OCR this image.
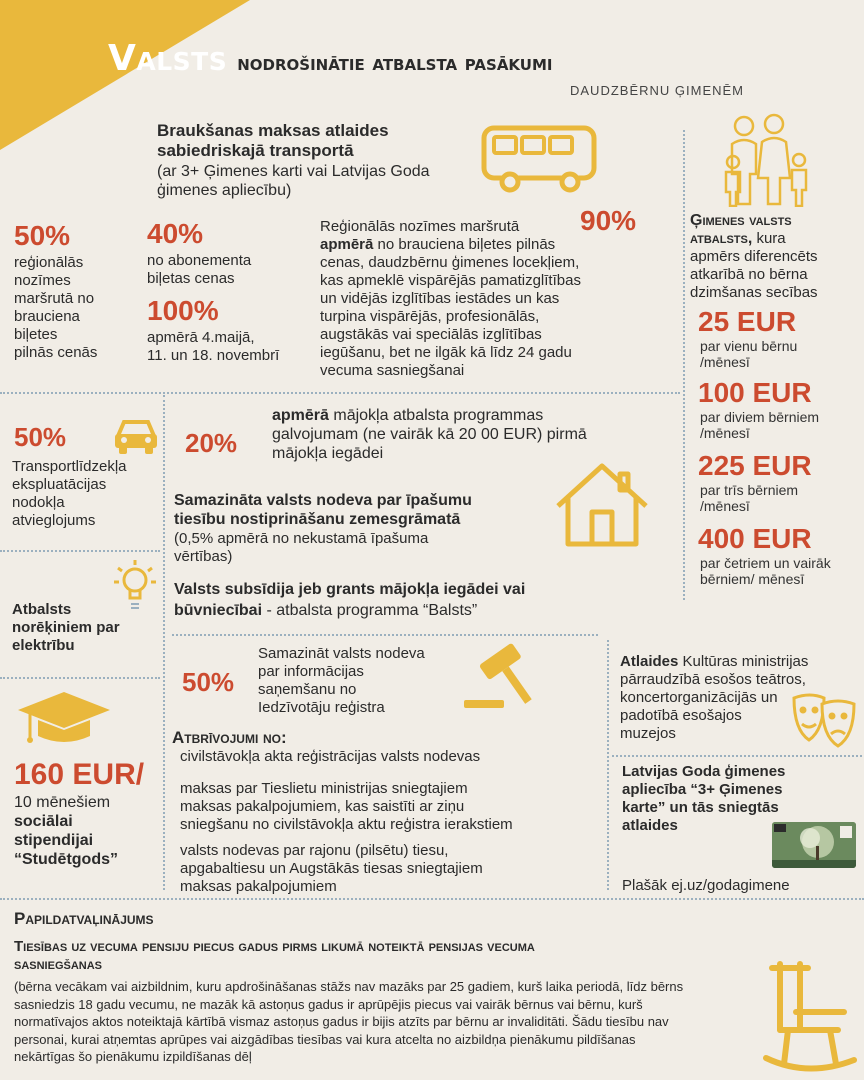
Valsts nodrošinātie atbalsta pasākumi
DAUDZBĒRNU ĢIMENĒM
Braukšanas maksas atlaides
sabiedriskajā transportā
(ar 3+ Ģimenes karti vai Latvijas Goda
ģimenes apliecību)
50%
reģionālās
nozīmes
maršrutā no
brauciena
biļetes
pilnās cenās
40%
no abonementa
biļetas cenas
100%
apmērā 4.maijā,
11. un 18. novembrī
90%
Reģionālās nozīmes maršrutā
apmērā no brauciena biļetes pilnās
cenas, daudzbērnu ģimenes locekļiem,
kas apmeklē vispārējās pamatizglītības
un vidējās izglītības iestādes un kas
turpina vispārējās, profesionālās,
augstākās vai speciālās izglītības
iegūšanu, bet ne ilgāk kā līdz 24 gadu
vecuma sasniegšanai
Ģimenes valsts
atbalsts, kura
apmērs diferencēts
atkarībā no bērna
dzimšanas secības
25 EUR
par vienu bērnu
/mēnesī
100 EUR
par diviem bērniem
/mēnesī
225 EUR
par trīs bērniem
/mēnesī
400 EUR
par četriem un vairāk
bērniem/ mēnesī
50%
Transportlīdzekļa
ekspluatācijas
nodokļa
atvieglojums
20%
apmērā mājokļa atbalsta programmas
galvojumam (ne vairāk kā 20 00 EUR) pirmā
mājokļa iegādei
Samazināta valsts nodeva par īpašumu
tiesību nostiprināšanu zemesgrāmatā
(0,5% apmērā no nekustamā īpašuma
vērtības)
Valsts subsīdija jeb grants mājokļa iegādei vai
būvniecībai - atbalsta programma “Balsts”
Atbalsts
norēķiniem par
elektrību
50%
Samazināt valsts nodeva
par informācijas
saņemšanu no
Iedzīvotāju reģistra
Atlaides Kultūras ministrijas
pārraudzībā esošos teātros,
koncertorganizācijās un
padotībā esošajos
muzejos
160 EUR/
10 mēnešiem
sociālai
stipendijai
“Studētgods”
Atbrīvojumi no:
civilstāvokļa akta reģistrācijas valsts nodevas
maksas par Tieslietu ministrijas sniegtajiem
maksas pakalpojumiem, kas saistīti ar ziņu
sniegšanu no civilstāvokļa aktu reģistra ierakstiem
valsts nodevas par rajonu (pilsētu) tiesu,
apgabaltiesu un Augstākās tiesas sniegtajiem
maksas pakalpojumiem
Latvijas Goda ģimenes
apliecība “3+ Ģimenes
karte” un tās sniegtās
atlaides
Plašāk ej.uz/godagimene
Papildatvaļinājums
Tiesības uz vecuma pensiju piecus gadus pirms likumā noteiktā pensijas vecuma
sasniegšanas
(bērna vecākam vai aizbildnim, kuru apdrošināšanas stāžs nav mazāks par 25 gadiem, kurš laika periodā, līdz bērns
sasniedzis 18 gadu vecumu, ne mazāk kā astoņus gadus ir aprūpējis piecus vai vairāk bērnus vai bērnu, kurš
normatīvajos aktos noteiktajā kārtībā vismaz astoņus gadus ir bijis atzīts par bērnu ar invaliditāti. Šādu tiesību nav
personai, kurai atņemtas aprūpes vai aizgādības tiesības vai kura atcelta no aizbildņa pienākumu pildīšanas
nekārtīgas šo pienākumu izpildīšanas dēļ
